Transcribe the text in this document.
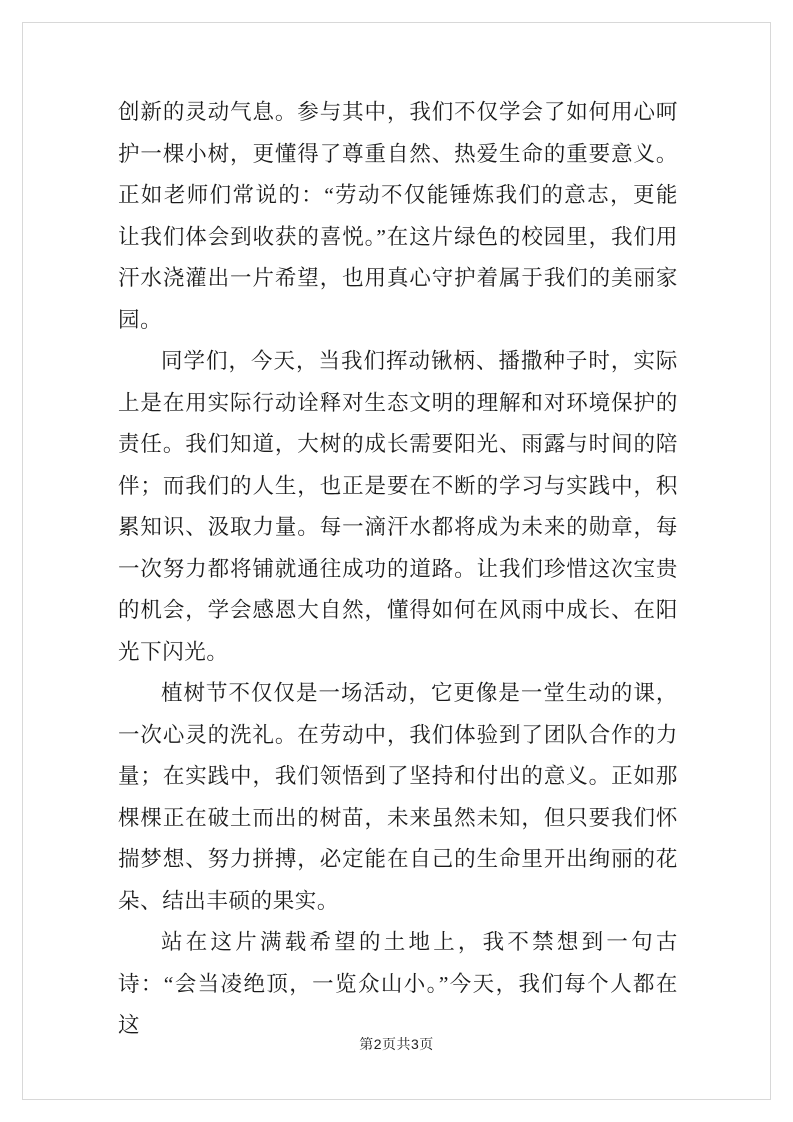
创新的灵动气息。参与其中，我们不仅学会了如何用心呵护一棵小树，更懂得了尊重自然、热爱生命的重要意义。正如老师们常说的：“劳动不仅能锤炼我们的意志，更能让我们体会到收获的喜悦。”在这片绿色的校园里，我们用汗水浇灌出一片希望，也用真心守护着属于我们的美丽家园。

同学们，今天，当我们挥动锹柄、播撒种子时，实际上是在用实际行动诠释对生态文明的理解和对环境保护的责任。我们知道，大树的成长需要阳光、雨露与时间的陪伴；而我们的人生，也正是要在不断的学习与实践中，积累知识、汲取力量。每一滴汗水都将成为未来的勋章，每一次努力都将铺就通往成功的道路。让我们珍惜这次宝贵的机会，学会感恩大自然，懂得如何在风雨中成长、在阳光下闪光。

植树节不仅仅是一场活动，它更像是一堂生动的课，一次心灵的洗礼。在劳动中，我们体验到了团队合作的力量；在实践中，我们领悟到了坚持和付出的意义。正如那棵棵正在破土而出的树苗，未来虽然未知，但只要我们怀揣梦想、努力拼搏，必定能在自己的生命里开出绚丽的花朵、结出丰硕的果实。

站在这片满载希望的土地上，我不禁想到一句古诗：“会当凌绝顶，一览众山小。”今天，我们每个人都在这

第2页共3页
